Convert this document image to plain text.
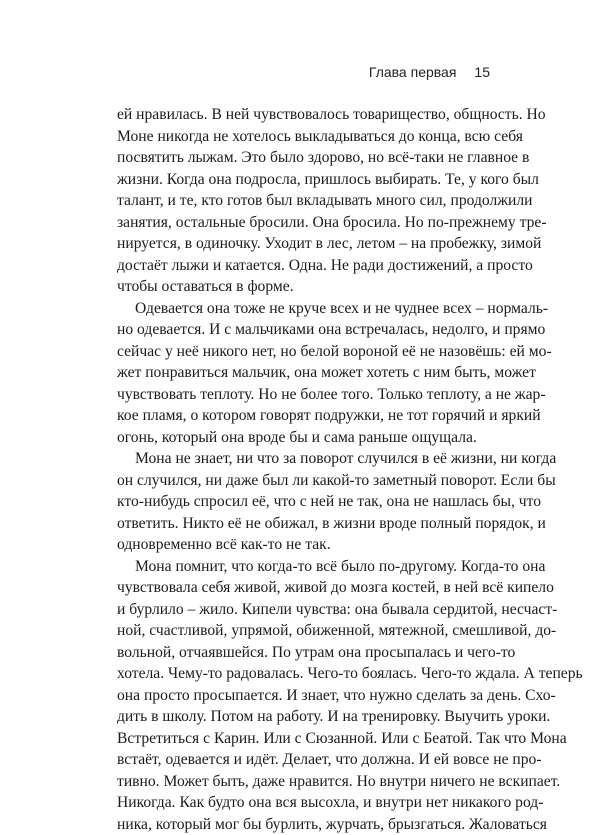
Глава первая 15
ей нравилась. В ней чувствовалось товарищество, общность. Но
Моне никогда не хотелось выкладываться до конца, всю себя
посвятить лыжам. Это было здорово, но всё-таки не главное в
жизни. Когда она подросла, пришлось выбирать. Те, у кого был
талант, и те, кто готов был вкладывать много сил, продолжили
занятия, остальные бросили. Она бросила. Но по-прежнему тре-
нируется, в одиночку. Уходит в лес, летом – на пробежку, зимой
достаёт лыжи и катается. Одна. Не ради достижений, а просто
чтобы оставаться в форме.
Одевается она тоже не круче всех и не чуднее всех – нормаль-
но одевается. И с мальчиками она встречалась, недолго, и прямо
сейчас у неё никого нет, но белой вороной её не назовёшь: ей мо-
жет понравиться мальчик, она может хотеть с ним быть, может
чувствовать теплоту. Но не более того. Только теплоту, а не жар-
кое пламя, о котором говорят подружки, не тот горячий и яркий
огонь, который она вроде бы и сама раньше ощущала.
Мона не знает, ни что за поворот случился в её жизни, ни когда
он случился, ни даже был ли какой-то заметный поворот. Если бы
кто-нибудь спросил её, что с ней не так, она не нашлась бы, что
ответить. Никто её не обижал, в жизни вроде полный порядок, и
одновременно всё как-то не так.
Мона помнит, что когда-то всё было по-другому. Когда-то она
чувствовала себя живой, живой до мозга костей, в ней всё кипело
и бурлило – жило. Кипели чувства: она бывала сердитой, несчаст-
ной, счастливой, упрямой, обиженной, мятежной, смешливой, до-
вольной, отчаявшейся. По утрам она просыпалась и чего-то
хотела. Чему-то радовалась. Чего-то боялась. Чего-то ждала. А теперь
она просто просыпается. И знает, что нужно сделать за день. Схо-
дить в школу. Потом на работу. И на тренировку. Выучить уроки.
Встретиться с Карин. Или с Сюзанной. Или с Беатой. Так что Мона
встаёт, одевается и идёт. Делает, что должна. И ей вовсе не про-
тивно. Может быть, даже нравится. Но внутри ничего не вскипает.
Никогда. Как будто она вся высохла, и внутри нет никакого род-
ника, который мог бы бурлить, журчать, брызгаться. Жаловаться
